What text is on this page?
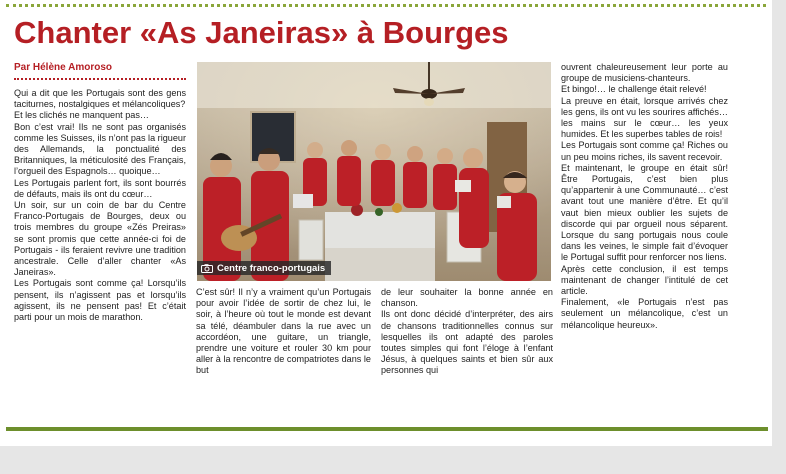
Chanter «As Janeiras» à Bourges

Par Hélène Amoroso

Qui a dit que les Portugais sont des gens taciturnes, nostalgiques et mélancoliques?

Et les clichés ne manquent pas…

Bon c’est vrai! Ils ne sont pas organisés comme les Suisses, ils n’ont pas la rigueur des Allemands, la ponctualité des Britanniques, la méticulosité des Français, l’orgueil des Espagnols… quoique…

Les Portugais parlent fort, ils sont bourrés de défauts, mais ils ont du cœur…

Un soir, sur un coin de bar du Centre Franco-Portugais de Bourges, deux ou trois membres du groupe «Zés Preiras» se sont promis que cette année-ci foi de Portugais - ils feraient revivre une tradition ancestrale. Celle d’aller chanter «As Janeiras».

Les Portugais sont comme ça! Lorsqu’ils pensent, ils n’agissent pas et lorsqu’ils agissent, ils ne pensent pas! Et c’était parti pour un mois de marathon.

Centre franco-portugais

C’est sûr! Il n’y a vraiment qu’un Portugais pour avoir l’idée de sortir de chez lui, le soir, à l’heure où tout le monde est devant sa télé, déambuler dans la rue avec un accordéon, une guitare, un triangle, prendre une voiture et rouler 30 km pour aller à la rencontre de compatriotes dans le but

de leur souhaiter la bonne année en chanson.

Ils ont donc décidé d’interpréter, des airs de chansons traditionnelles connus sur lesquelles ils ont adapté des paroles toutes simples qui font l’éloge à l’enfant Jésus, à quelques saints et bien sûr aux personnes qui

ouvrent chaleureusement leur porte au groupe de musiciens-chanteurs.

Et bingo!… le challenge était relevé!

La preuve en était, lorsque arrivés chez les gens, ils ont vu les sourires affichés… les mains sur le cœur… les yeux humides. Et les superbes tables de rois!

Les Portugais sont comme ça! Riches ou un peu moins riches, ils savent recevoir.

Et maintenant, le groupe en était sûr! Être Portugais, c’est bien plus qu’appartenir à une Communauté… c’est avant tout une manière d’être. Et qu’il vaut bien mieux oublier les sujets de discorde qui par orgueil nous séparent. Lorsque du sang portugais nous coule dans les veines, le simple fait d’évoquer le Portugal suffit pour renforcer nos liens.

Après cette conclusion, il est temps maintenant de changer l’intitulé de cet article.

Finalement, «le Portugais n’est pas seulement un mélancolique, c’est un mélancolique heureux».
